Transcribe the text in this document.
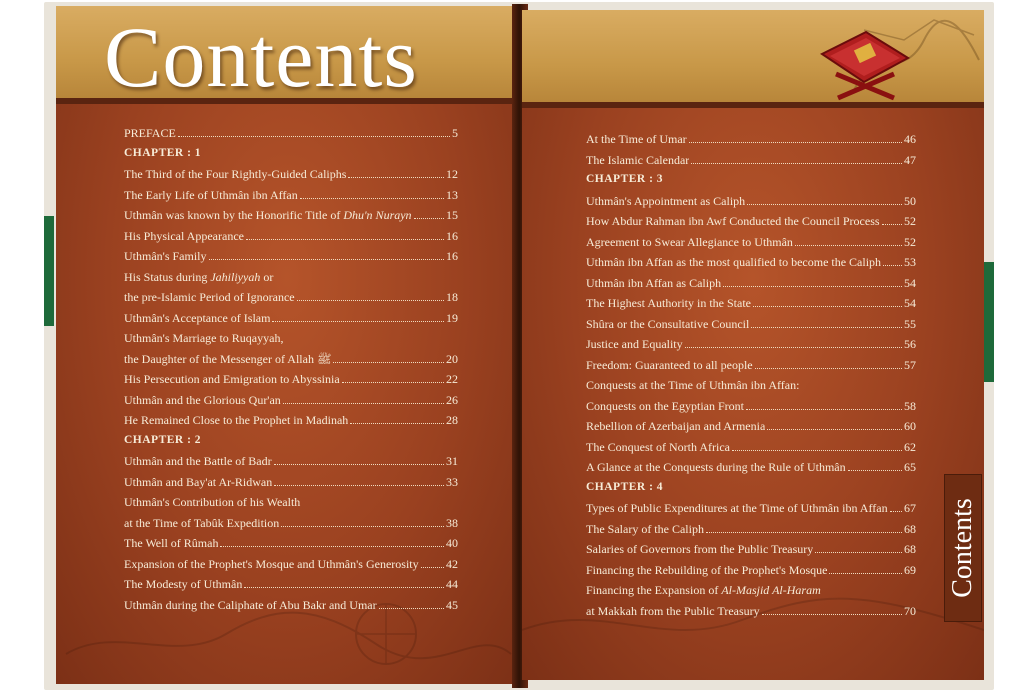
Contents
PREFACE	5
CHAPTER : 1
The Third of the Four Rightly-Guided Caliphs	12
The Early Life of Uthmân ibn Affan	13
Uthmân was known by the Honorific Title of Dhu'n Nurayn	15
His Physical Appearance	16
Uthmân's Family	16
His Status during Jahiliyyah or
the pre-Islamic Period of Ignorance	18
Uthmân's Acceptance of Islam	19
Uthmân's Marriage to Ruqayyah,
the Daughter of the Messenger of Allah ﷺ	20
His Persecution and Emigration to Abyssinia	22
Uthmân and the Glorious Qur'an	26
He Remained Close to the Prophet in Madinah	28
CHAPTER : 2
Uthmân and the Battle of Badr	31
Uthmân and Bay'at Ar-Ridwan	33
Uthmân's Contribution of his Wealth
at the Time of Tabûk Expedition	38
The Well of Rûmah	40
Expansion of the Prophet's Mosque and Uthmân's Generosity 42
The Modesty of Uthmân	44
Uthmân during the Caliphate of Abu Bakr and Umar	45
At the Time of Umar	46
The Islamic Calendar	47
CHAPTER : 3
Uthmân's Appointment as Caliph	50
How Abdur Rahman ibn Awf Conducted the Council Process 52
Agreement to Swear Allegiance to Uthmân	52
Uthmân ibn Affan as the most qualified to become the Caliph 53
Uthmân ibn Affan as Caliph	54
The Highest Authority in the State	54
Shûra or the Consultative Council	55
Justice and Equality	56
Freedom: Guaranteed to all people	57
Conquests at the Time of Uthmân ibn Affan:
Conquests on the Egyptian Front	58
Rebellion of Azerbaijan and Armenia	60
The Conquest of North Africa	62
A Glance at the Conquests during the Rule of Uthmân	65
CHAPTER : 4
Types of Public Expenditures at the Time of Uthmân ibn Affan 67
The Salary of the Caliph	68
Salaries of Governors from the Public Treasury	68
Financing the Rebuilding of the Prophet's Mosque	69
Financing the Expansion of Al-Masjid Al-Haram
at Makkah from the Public Treasury	70
Contents
